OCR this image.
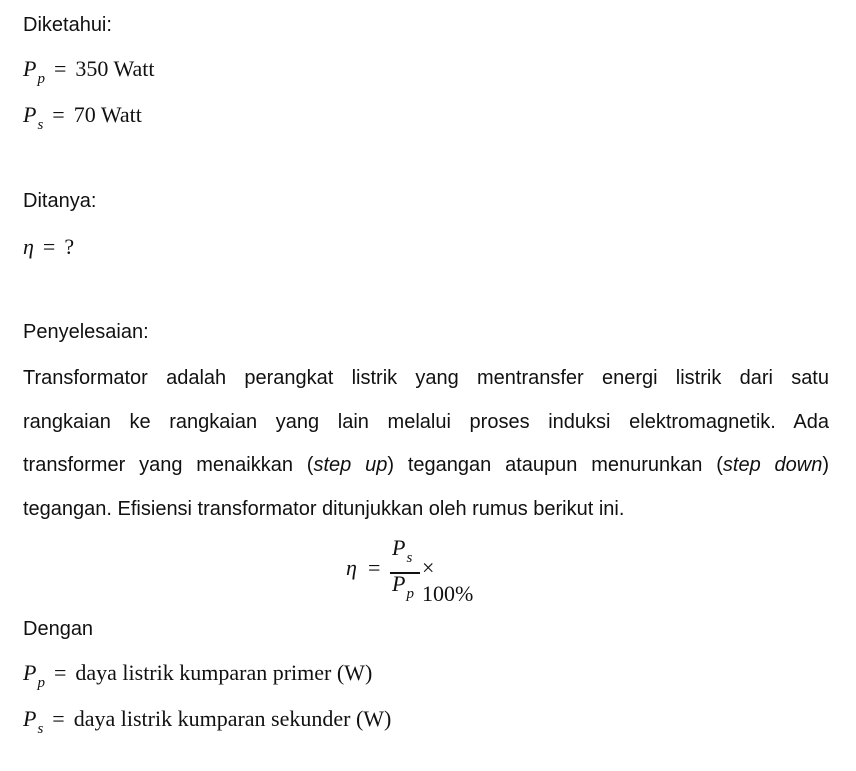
Diketahui:
$P_p = 350$ Watt
$P_s = 70$ Watt
Ditanya:
η = ?
Penyelesaian:
Transformator adalah perangkat listrik yang mentransfer energi listrik dari satu
rangkaian ke rangkaian yang lain melalui proses induksi elektromagnetik. Ada
transformer yang menaikkan (step up) tegangan ataupun menurunkan (step down)
tegangan. Efisiensi transformator ditunjukkan oleh rumus berikut ini.
η =
$P_s$
$P_p$
× 100%
Dengan
$P_p$ = daya listrik kumparan primer (W)
$P_s$ = daya listrik kumparan sekunder (W)
